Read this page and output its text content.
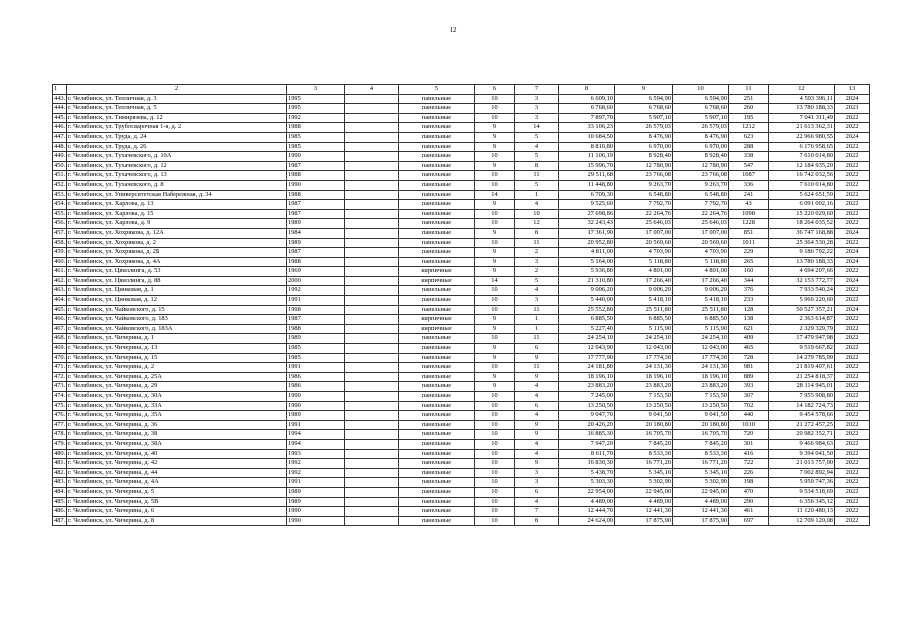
12
1	2	3	4	5	6	7	8	9	10	11	12	13
443.	г. Челябинск, ул. Тепличная, д. 3	1995		панельные	10	3	6 609,10	6 594,90	6 594,90	251	4 593 396,11	2024
444.	г. Челябинск, ул. Тепличная, д. 5	1995		панельные	10	3	6 768,60	6 768,60	6 768,60	260	13 780 188,33	2023
445.	г. Челябинск, ул. Тимирязева, д. 12	1992		панельные	10	3	7 897,70	5 907,10	5 907,10	195	7 041 311,49	2022
446.	г. Челябинск, ул. Трубосварочная 1-я, д. 2	1988		панельные	9	14	33 106,23	26 579,03	26 579,03	1212	21 613 362,31	2022
447.	г. Челябинск, ул. Труда, д. 24	1985		панельные	9	5	10 684,50	8 476,90	8 476,90	623	22 966 980,55	2024
448.	г. Челябинск, ул. Труда, д. 26	1985		панельные	9	4	8 810,80	6 970,00	6 970,00	288	6 176 958,65	2022
449.	г. Челябинск, ул. Тухачевского, д. 10А	1990		панельные	10	5	11 106,19	8 928,40	8 928,40	338	7 610 014,80	2022
450.	г. Челябинск, ул. Тухачевского, д. 12	1987		панельные	9	8	15 996,70	12 780,90	12 780,90	547	12 184 935,20	2022
451.	г. Челябинск, ул. Тухачевского, д. 13	1988		панельные	10	11	29 511,68	23 766,08	23 766,08	1087	16 742 032,56	2022
452.	г. Челябинск, ул. Тухачевского, д. 8	1990		панельные	10	5	11 448,80	9 263,70	9 263,70	336	7 610 014,80	2022
453.	г. Челябинск, ул. Университетская Набережная, д. 34	1988		панельные	14	1	6 709,30	6 548,80	6 548,80	241	5 624 651,59	2022
454.	г. Челябинск, ул. Харлова, д. 13	1987		панельные	9	4	9 525,60	7 792,70	7 792,70	43	6 091 002,16	2022
455.	г. Челябинск, ул. Харлова, д. 15	1987		панельные	10	10	27 698,86	22 264,76	22 264,76	1098	15 220 029,60	2022
456.	г. Челябинск, ул. Харлова, д. 9	1989		панельные	10	12	32 243,43	25 646,03	25 646,03	1228	18 264 035,52	2022
457.	г. Челябинск, ул. Хохрякова, д. 12А	1984		панельные	9	8	17 361,90	17 007,00	17 007,00	851	36 747 168,88	2024
458.	г. Челябинск, ул. Хохрякова, д. 2	1989		панельные	10	11	20 952,80	20 569,60	20 569,60	1011	25 364 530,28	2022
459.	г. Челябинск, ул. Хохрякова, д. 2Б	1987		панельные	9	2	4 811,00	4 703,90	4 703,90	229	9 186 792,22	2024
460.	г. Челябинск, ул. Хохрякова, д. 4А	1988		панельные	9	3	5 164,00	5 118,80	5 118,80	265	13 780 188,33	2024
461.	г. Челябинск, ул. Цвиллинга, д. 53	1969		кирпичные	9	2	5 936,80	4 801,00	4 801,00	160	4 694 207,66	2022
462.	г. Челябинск, ул. Цвиллинга, д. 88	2000		кирпичные	14	5	21 310,80	17 266,40	17 266,40	344	32 153 772,77	2024
463.	г. Челябинск, ул. Цинковая, д. 1	1992		панельные	10	4	9 006,20	9 006,20	9 006,20	376	7 933 540,24	2022
464.	г. Челябинск, ул. Цинковая, д. 12	1991		панельные	10	3	5 440,00	5 418,10	5 418,10	233	5 966 220,60	2022
465.	г. Челябинск, ул. Чайковского, д. 15	1998		панельные	10	11	25 552,80	25 511,80	25 511,80	128	50 527 357,21	2024
466.	г. Челябинск, ул. Чайковского, д. 183	1987		кирпичные	9	1	6 885,50	6 885,50	6 885,50	138	2 363 614,87	2022
467.	г. Челябинск, ул. Чайковского, д. 183А	1988		кирпичные	9	1	5 227,40	5 115,90	5 115,90	621	2 329 329,79	2022
468.	г. Челябинск, ул. Чичерина, д. 1	1989		панельные	10	11	24 254,10	24 254,10	24 254,10	409	17 479 947,98	2022
469.	г. Челябинск, ул. Чичерина, д. 13	1985		панельные	9	6	12 043,90	12 043,00	12 043,00	465	9 519 667,82	2022
470.	г. Челябинск, ул. Чичерина, д. 15	1985		панельные	9	9	17 777,90	17 774,30	17 774,30	728	14 279 785,99	2022
471.	г. Челябинск, ул. Чичерина, д. 2	1991		панельные	10	11	24 181,80	24 131,30	24 131,30	981	21 819 407,61	2022
472.	г. Челябинск, ул. Чичерина, д. 25А	1986		панельные	9	9	18 196,10	18 196,10	18 196,10	889	21 254 818,37	2022
473.	г. Челябинск, ул. Чичерина, д. 29	1986		панельные	9	4	23 883,20	23 883,20	23 883,20	393	28 114 945,01	2022
474.	г. Челябинск, ул. Чичерина, д. 30А	1990		панельные	10	4	7 245,00	7 153,50	7 153,50	307	7 955 908,80	2022
475.	г. Челябинск, ул. Чичерина, д. 33А	1990		панельные	10	6	13 250,50	13 250,50	13 250,50	702	14 182 724,73	2022
476.	г. Челябинск, ул. Чичерина, д. 35А	1989		панельные	10	4	9 047,70	9 041,50	9 041,50	440	9 454 578,66	2022
477.	г. Челябинск, ул. Чичерина, д. 36	1991		панельные	10	9	20 426,20	20 180,80	20 180,80	1010	21 272 457,25	2022
478.	г. Челябинск, ул. Чичерина, д. 38	1994		панельные	10	9	16 885,30	16 705,70	16 705,70	720	20 982 352,71	2022
479.	г. Челябинск, ул. Чичерина, д. 38А	1994		панельные	10	4	7 947,20	7 845,20	7 845,20	301	9 466 984,63	2022
480.	г. Челябинск, ул. Чичерина, д. 40	1993		панельные	10	4	8 611,70	8 533,30	8 533,30	416	9 394 041,50	2022
481.	г. Челябинск, ул. Чичерина, д. 42	1992		панельные	10	9	16 830,30	16 771,20	16 771,20	722	21 013 757,00	2022
482.	г. Челябинск, ул. Чичерина, д. 44	1992		панельные	10	3	5 438,70	5 345,10	5 345,10	226	7 002 892,94	2022
483.	г. Челябинск, ул. Чичерина, д. 4А	1991		панельные	10	3	5 303,30	5 302,90	5 302,90	198	5 950 747,36	2022
484.	г. Челябинск, ул. Чичерина, д. 5	1989		панельные	10	6	22 954,00	22 945,00	22 945,00	470	9 534 518,69	2022
485.	г. Челябинск, ул. Чичерина, д. 5В	1989		панельные	10	4	4 489,00	4 489,00	4 489,00	290	6 356 345,12	2022
486.	г. Челябинск, ул. Чичерина, д. 6	1990		панельные	10	7	12 444,70	12 441,30	12 441,30	461	11 120 480,13	2022
487.	г. Челябинск, ул. Чичерина, д. 8	1990		панельные	10	8	24 624,00	17 875,90	17 875,90	697	12 709 120,08	2022
